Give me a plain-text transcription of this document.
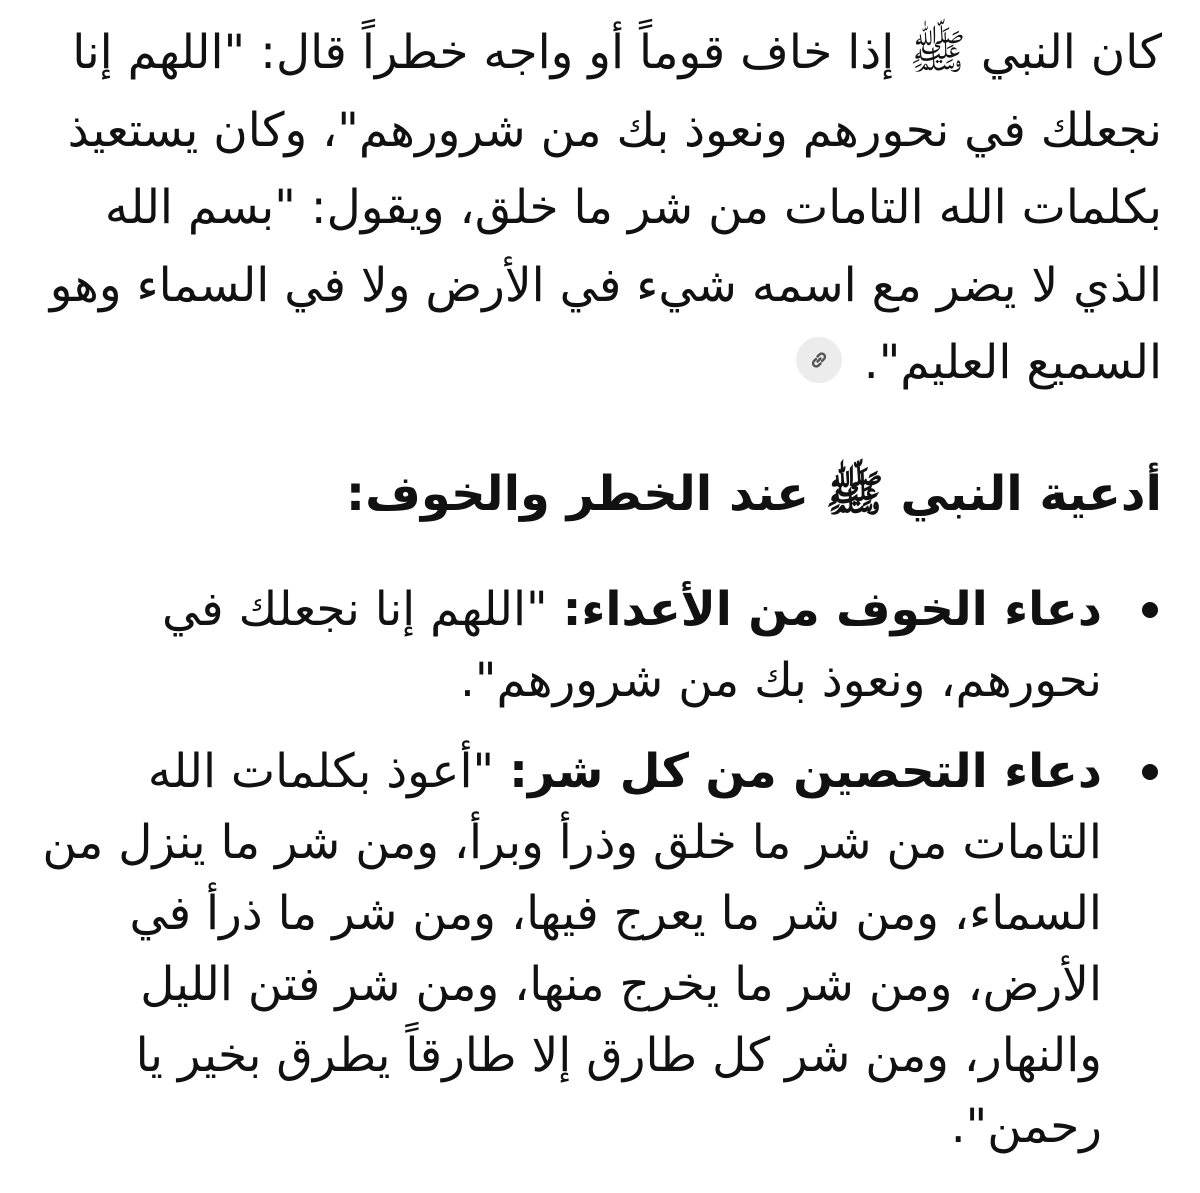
كان النبي ﷺ إذا خاف قوماً أو واجه خطراً قال: "اللهم إنا نجعلك في نحورهم ونعوذ بك من شرورهم"، وكان يستعيذ بكلمات الله التامات من شر ما خلق، ويقول: "بسم الله الذي لا يضر مع اسمه شيء في الأرض ولا في السماء وهو السميع العليم".

أدعية النبي ﷺ عند الخطر والخوف:
دعاء الخوف من الأعداء: "اللهم إنا نجعلك في نحورهم، ونعوذ بك من شرورهم".
دعاء التحصين من كل شر: "أعوذ بكلمات الله التامات من شر ما خلق وذرأ وبرأ، ومن شر ما ينزل من السماء، ومن شر ما يعرج فيها، ومن شر ما ذرأ في الأرض، ومن شر ما يخرج منها، ومن شر فتن الليل والنهار، ومن شر كل طارق إلا طارقاً يطرق بخير يا رحمن".
